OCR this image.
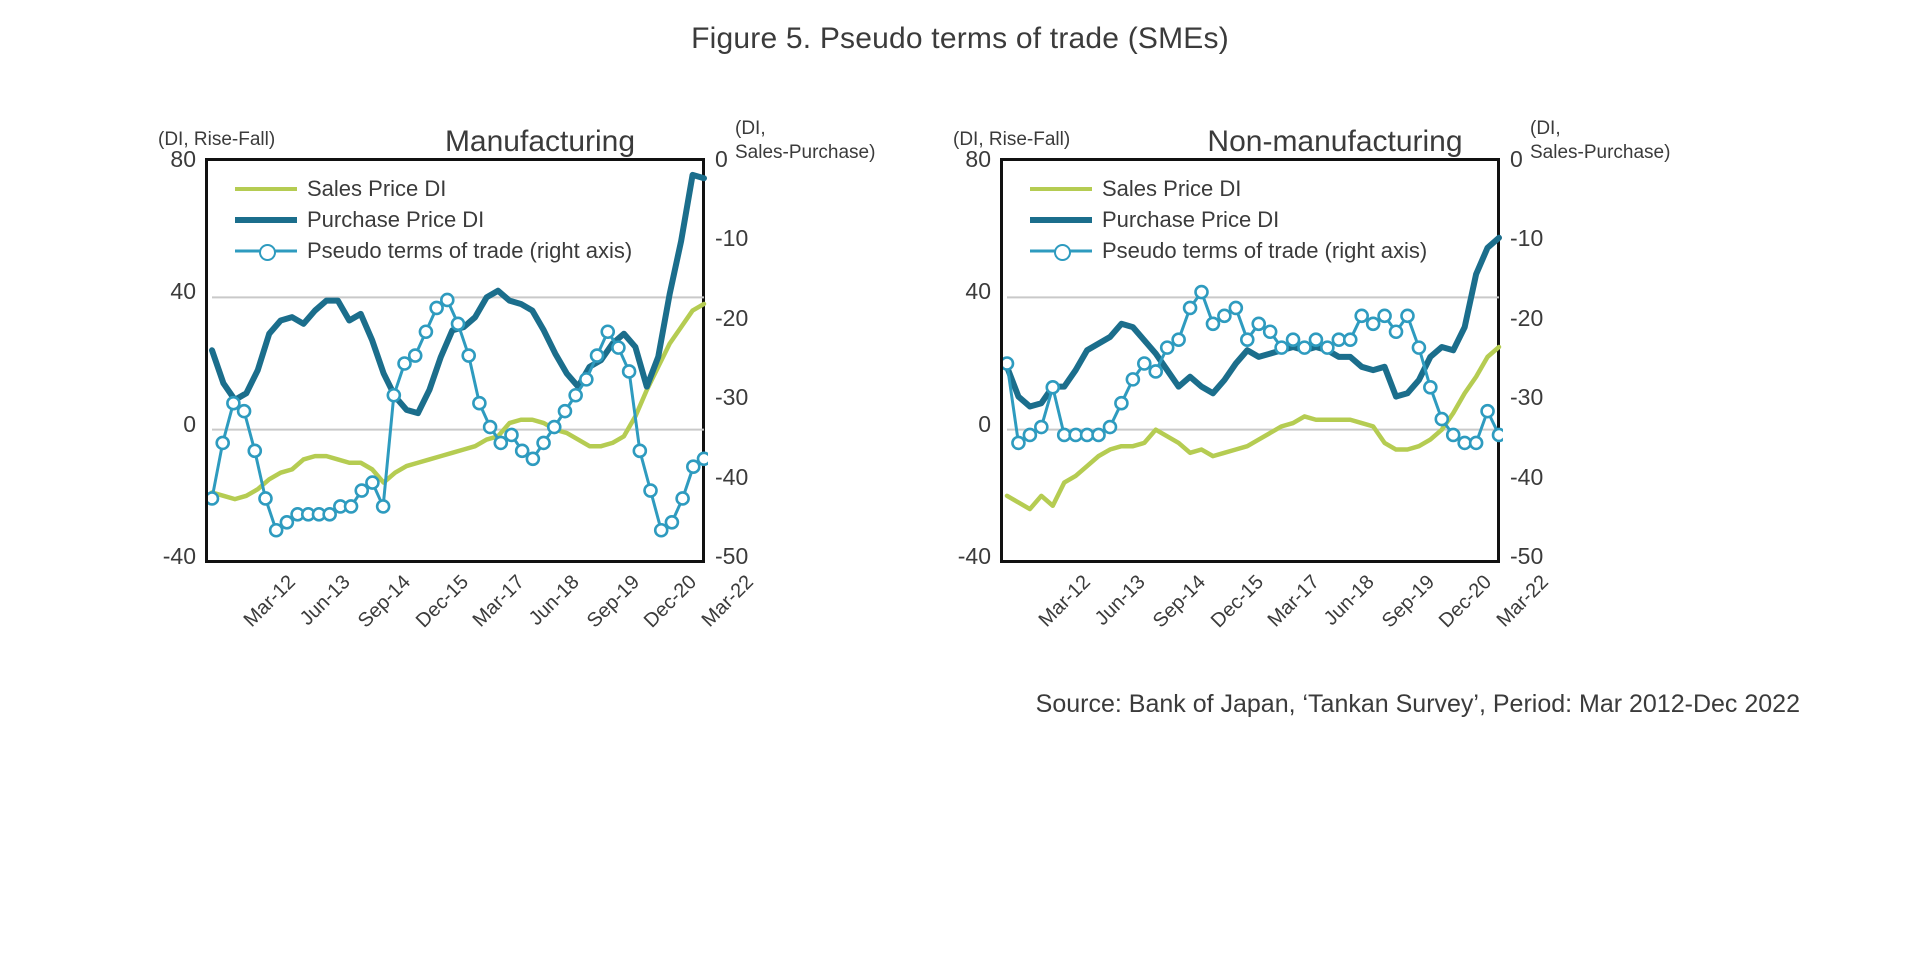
Figure 5. Pseudo terms of trade (SMEs)
(DI, Rise-Fall)	Manufacturing	(DI,
Sales-Purchase)
80
40
0
-40
0
-10
-20
-30
-40
-50
Mar-12
Jun-13 Sep-14
Dec-15
Mar-17
Jun-18 Sep-19
Dec-20
Mar-22
Sales Price DI
Purchase Price DI
Pseudo terms of trade (right axis)
(DI, Rise-Fall)	Non-manufacturing	(DI,
Sales-Purchase)
80
40
0
-40
0
-10
-20
-30
-40
-50
Mar-12
Jun-13 Sep-14
Dec-15
Mar-17
Jun-18 Sep-19
Dec-20
Mar-22
Sales Price DI
Purchase Price DI
Pseudo terms of trade (right axis)
Source: Bank of Japan, ‘Tankan Survey’, Period: Mar 2012-Dec 2022
